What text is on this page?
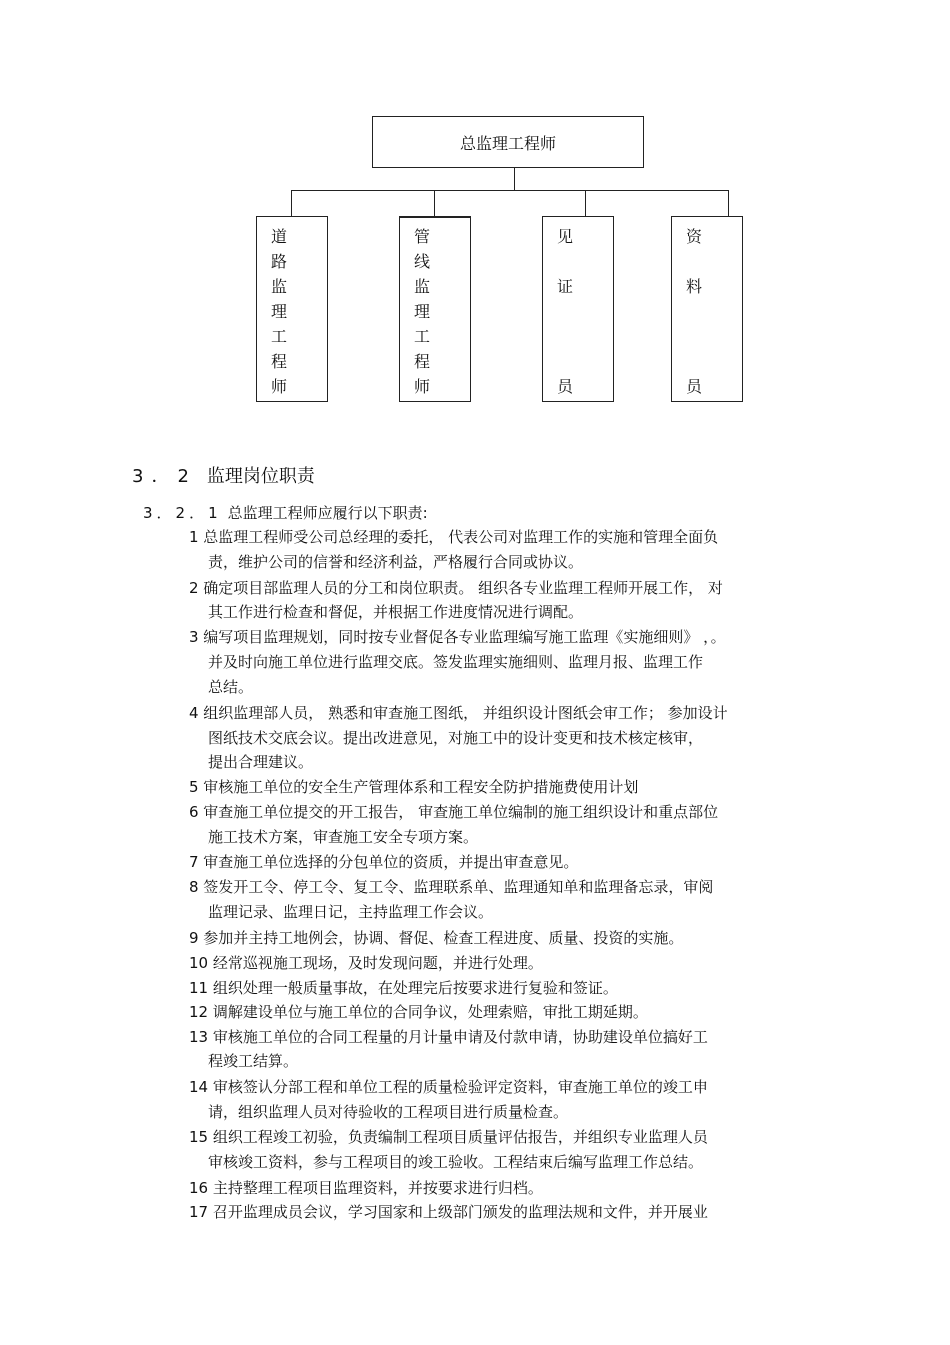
总监理工程师
道
路
监
理
工
程
师
管
线
监
理
工
程
师
见
证
员
资
料
员
3．2 监理岗位职责
3．2．1 总监理工程师应履行以下职责:
1 总监理工程师受公司总经理的委托， 代表公司对监理工作的实施和管理全面负
责，维护公司的信誉和经济利益，严格履行合同或协议。
2 确定项目部监理人员的分工和岗位职责。 组织各专业监理工程师开展工作， 对
其工作进行检查和督促，并根据工作进度情况进行调配。
3 编写项目监理规划，同时按专业督促各专业监理编写施工监理《实施细则》 ，。
并及时向施工单位进行监理交底。签发监理实施细则、监理月报、监理工作
总结。
4 组织监理部人员， 熟悉和审查施工图纸， 并组织设计图纸会审工作； 参加设计
图纸技术交底会议。提出改进意见，对施工中的设计变更和技术核定核审，
提出合理建议。
5 审核施工单位的安全生产管理体系和工程安全防护措施费使用计划
6 审查施工单位提交的开工报告， 审查施工单位编制的施工组织设计和重点部位
施工技术方案，审查施工安全专项方案。
7 审查施工单位选择的分包单位的资质，并提出审查意见。
8 签发开工令、停工令、复工令、监理联系单、监理通知单和监理备忘录，审阅
监理记录、监理日记，主持监理工作会议。
9 参加并主持工地例会，协调、督促、检查工程进度、质量、投资的实施。
10 经常巡视施工现场，及时发现问题，并进行处理。
11 组织处理一般质量事故，在处理完后按要求进行复验和签证。
12 调解建设单位与施工单位的合同争议，处理索赔，审批工期延期。
13 审核施工单位的合同工程量的月计量申请及付款申请，协助建设单位搞好工
程竣工结算。
14 审核签认分部工程和单位工程的质量检验评定资料，审查施工单位的竣工申
请，组织监理人员对待验收的工程项目进行质量检查。
15 组织工程竣工初验，负责编制工程项目质量评估报告，并组织专业监理人员
审核竣工资料，参与工程项目的竣工验收。工程结束后编写监理工作总结。
16 主持整理工程项目监理资料，并按要求进行归档。
17 召开监理成员会议，学习国家和上级部门颁发的监理法规和文件，并开展业
